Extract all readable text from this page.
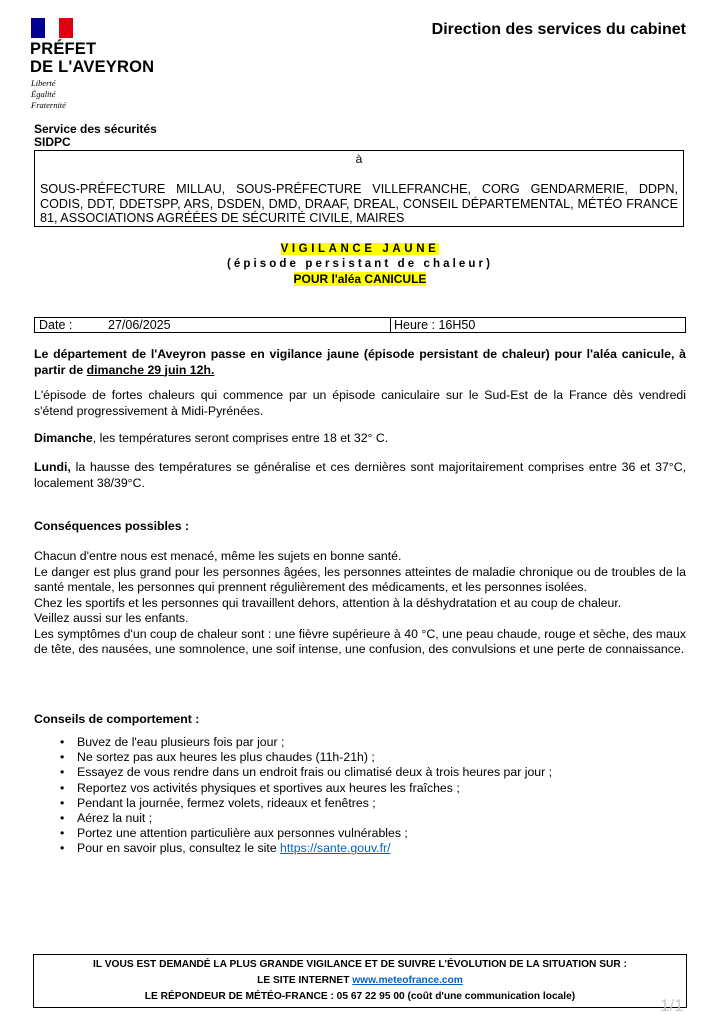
PRÉFET
DE L'AVEYRON
Liberté
Égalité
Fraternité
Direction des services du cabinet
Service des sécurités
SIDPC
à
SOUS-PRÉFECTURE MILLAU, SOUS-PRÉFECTURE VILLEFRANCHE, CORG GENDARMERIE, DDPN, CODIS, DDT, DDETSPP, ARS, DSDEN, DMD, DRAAF, DREAL, CONSEIL DÉPARTEMENTAL, MÉTÉO FRANCE 81, ASSOCIATIONS AGRÉÉES DE SÉCURITÉ CIVILE, MAIRES
VIGILANCE JAUNE
(épisode persistant de chaleur)
POUR l'aléa CANICULE
Date :	27/06/2025	Heure : 16H50
Le département de l'Aveyron passe en vigilance jaune (épisode persistant de chaleur) pour l'aléa canicule, à partir de dimanche 29 juin 12h.
L'épisode de fortes chaleurs qui commence par un épisode caniculaire sur le Sud-Est de la France dès vendredi s'étend progressivement à Midi-Pyrénées.
Dimanche, les températures seront comprises entre 18 et 32° C.
Lundi, la hausse des températures se généralise et ces dernières sont majoritairement comprises entre 36 et 37°C, localement 38/39°C.
Conséquences possibles :
Chacun d'entre nous est menacé, même les sujets en bonne santé.
Le danger est plus grand pour les personnes âgées, les personnes atteintes de maladie chronique ou de troubles de la santé mentale, les personnes qui prennent régulièrement des médicaments, et les personnes isolées.
Chez les sportifs et les personnes qui travaillent dehors, attention à la déshydratation et au coup de chaleur.
Veillez aussi sur les enfants.
Les symptômes d'un coup de chaleur sont : une fièvre supérieure à 40 °C, une peau chaude, rouge et sèche, des maux de tête, des nausées, une somnolence, une soif intense, une confusion, des convulsions et une perte de connaissance.
Conseils de comportement :
• Buvez de l'eau plusieurs fois par jour ;
• Ne sortez pas aux heures les plus chaudes (11h-21h) ;
• Essayez de vous rendre dans un endroit frais ou climatisé deux à trois heures par jour ;
• Reportez vos activités physiques et sportives aux heures les fraîches ;
• Pendant la journée, fermez volets, rideaux et fenêtres ;
• Aérez la nuit ;
• Portez une attention particulière aux personnes vulnérables ;
• Pour en savoir plus, consultez le site https://sante.gouv.fr/
IL VOUS EST DEMANDÉ LA PLUS GRANDE VIGILANCE ET DE SUIVRE L'ÉVOLUTION DE LA SITUATION SUR :
LE SITE INTERNET www.meteofrance.com
LE RÉPONDEUR DE MÉTÉO-FRANCE : 05 67 22 95 00 (coût d'une communication locale)	1/1
